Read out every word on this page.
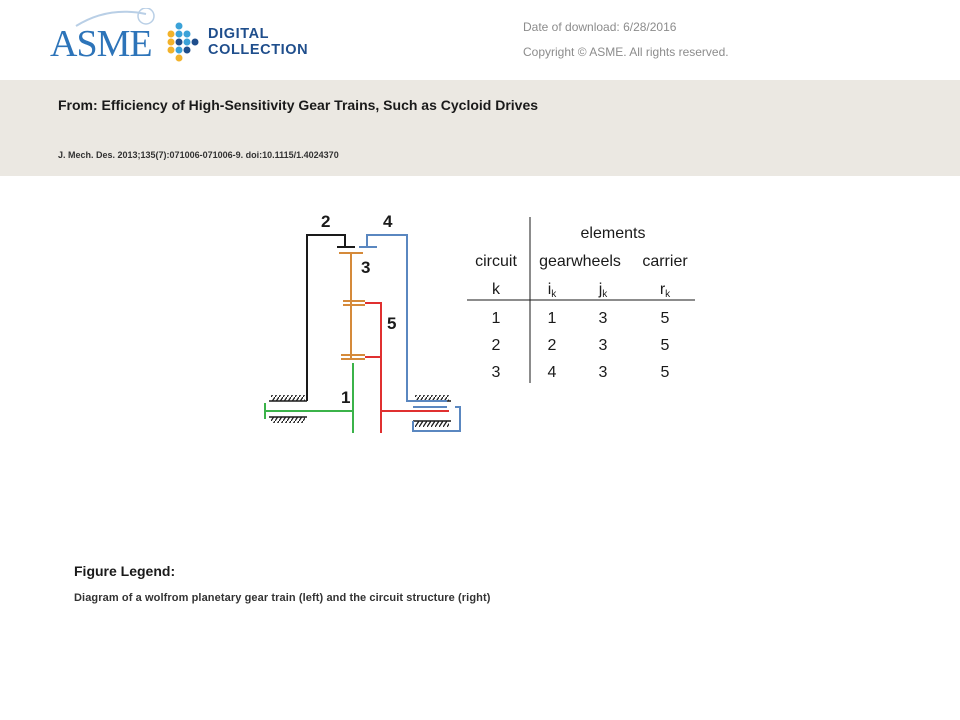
ASME	DIGITAL
COLLECTION
Date of download: 6/28/2016
Copyright © ASME. All rights reserved.
From: Efficiency of High-Sensitivity Gear Trains, Such as Cycloid Drives
J. Mech. Des. 2013;135(7):071006-071006-9. doi:10.1115/1.4024370
2	4
3
5
1
elements
circuit gearwheels carrier
k	ik	jk	rk
1	1	3	5
2	2	3	5
3	4	3	5
Figure Legend:
Diagram of a wolfrom planetary gear train (left) and the circuit structure (right)
